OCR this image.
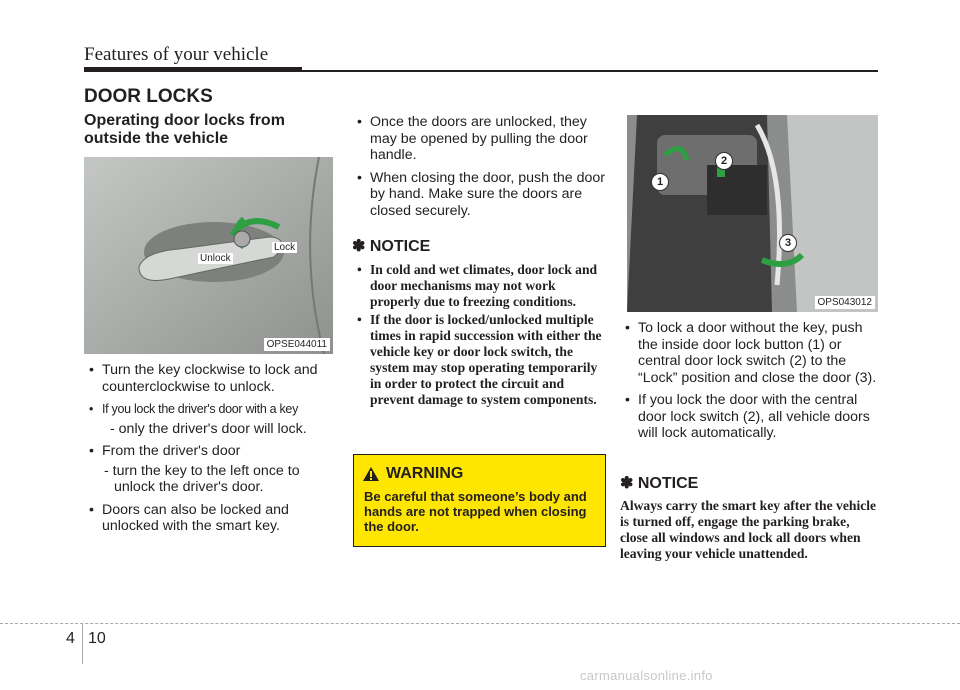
Features of your vehicle
DOOR LOCKS
Operating door locks from outside the vehicle
Unlock
Lock
OPSE044011
• Turn the key clockwise to lock and counterclockwise to unlock.
• If you lock the driver's door with a key
- only the driver's door will lock.
• From the driver's door
- turn the key to the left once to unlock the driver's door.
• Doors can also be locked and unlocked with the smart key.
• Once the doors are unlocked, they may be opened by pulling the door handle.
• When closing the door, push the door by hand. Make sure the doors are closed securely.
✽ NOTICE
• In cold and wet climates, door lock and door mechanisms may not work properly due to freezing conditions.
• If the door is locked/unlocked multiple times in rapid succession with either the vehicle key or door lock switch, the system may stop operating temporarily in order to protect the circuit and prevent damage to system components.
WARNING
Be careful that someone’s body and hands are not trapped when closing the door.
1
2
3
OPS043012
• To lock a door without the key, push the inside door lock button (1) or central door lock switch (2) to the “Lock” position and close the door (3).
• If you lock the door with the central door lock switch (2), all vehicle doors will lock automatically.
✽ NOTICE
Always carry the smart key after the vehicle is turned off, engage the parking brake, close all windows and lock all doors when leaving your vehicle unattended.
4 10
carmanualsonline.info
